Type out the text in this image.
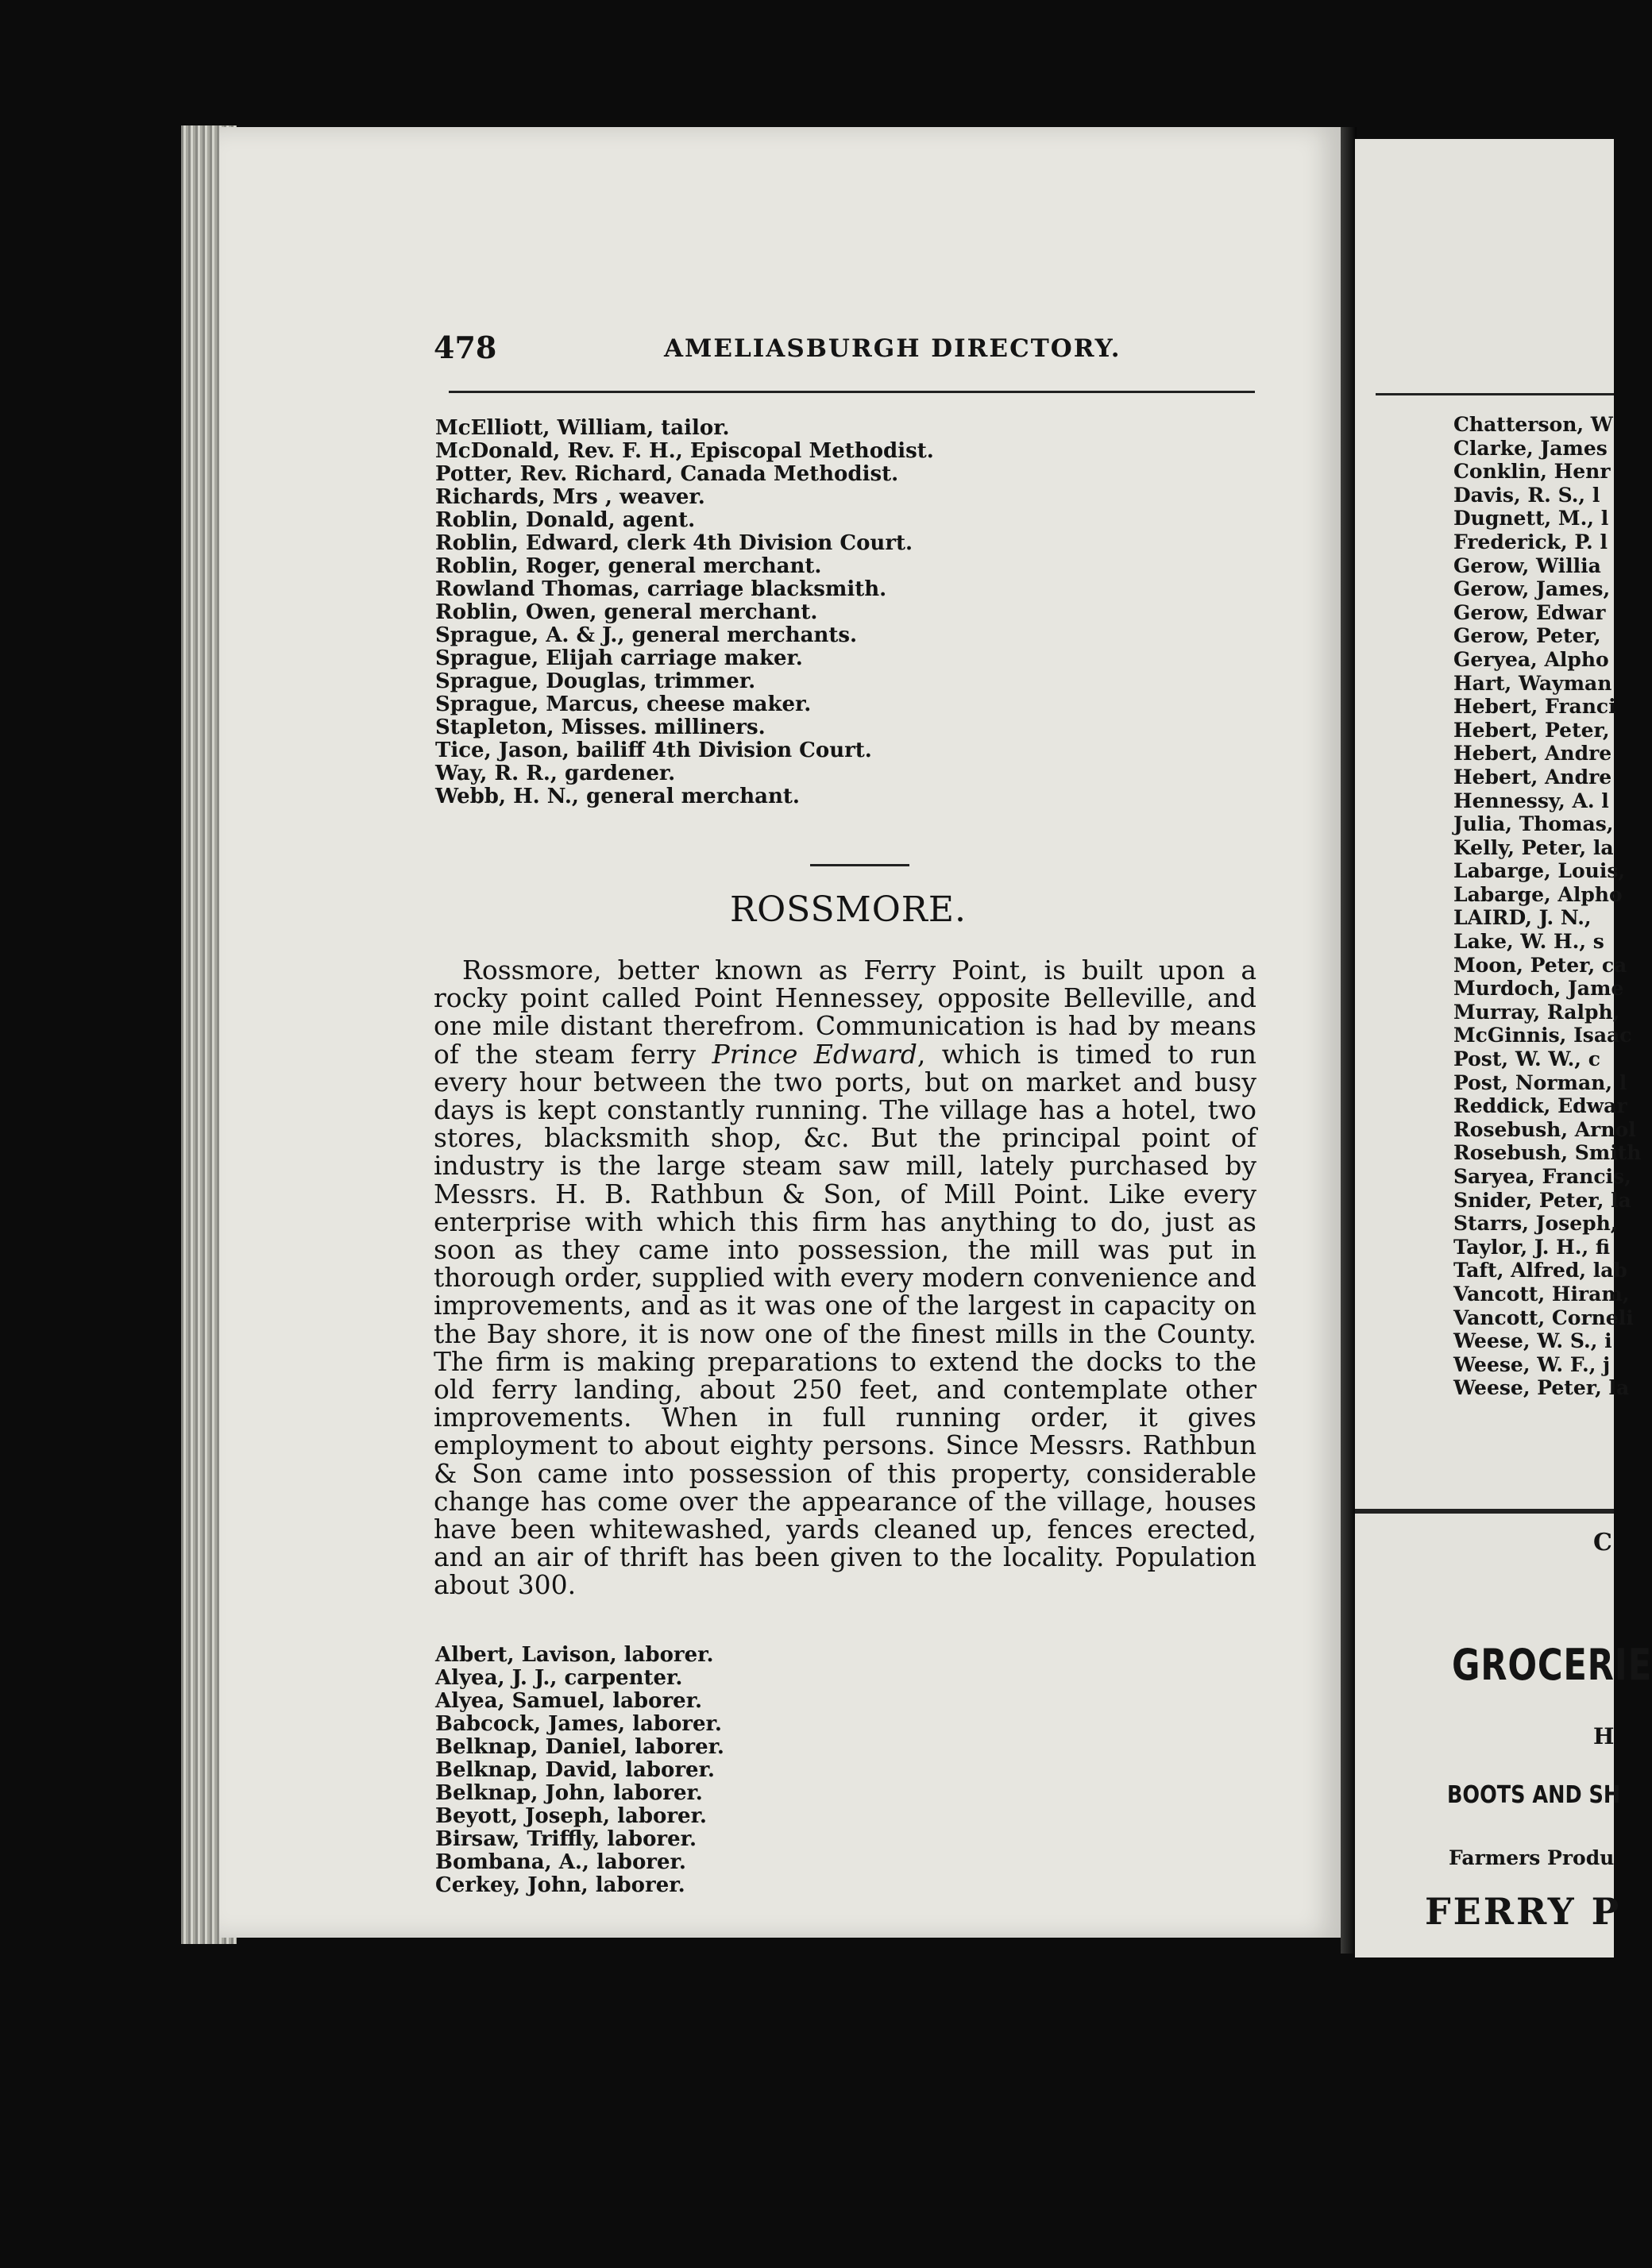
Chatterson, W
Clarke, James
Conklin, Henr
Davis, R. S., l
Dugnett, M., l
Frederick, P. l
Gerow, Willia
Gerow, James,
Gerow, Edwar
Gerow, Peter,
Geryea, Alpho
Hart, Wayman
Hebert, Franci
Hebert, Peter,
Hebert, Andre
Hebert, Andre
Hennessy, A. l
Julia, Thomas,
Kelly, Peter, la
Labarge, Louis,
Labarge, Alpho
LAIRD, J. N.,
Lake, W. H., s
Moon, Peter, ca
Murdoch, Jame
Murray, Ralph,
McGinnis, Isaac
Post, W. W., c
Post, Norman, l
Reddick, Edwar
Rosebush, Arnol
Rosebush, Smith
Saryea, Francis,
Snider, Peter, la
Starrs, Joseph,
Taylor, J. H., fi
Taft, Alfred, lab
Vancott, Hiram,
Vancott, Corneli
Weese, W. S., i
Weese, W. F., j
Weese, Peter, la
C
GROCERIE
H
BOOTS AND SH
Farmers Produ
FERRY P
478	AMELIASBURGH DIRECTORY.
McElliott, William, tailor.
McDonald, Rev. F. H., Episcopal Methodist.
Potter, Rev. Richard, Canada Methodist.
Richards, Mrs , weaver.
Roblin, Donald, agent.
Roblin, Edward, clerk 4th Division Court.
Roblin, Roger, general merchant.
Rowland Thomas, carriage blacksmith.
Roblin, Owen, general merchant.
Sprague, A. & J., general merchants.
Sprague, Elijah carriage maker.
Sprague, Douglas, trimmer.
Sprague, Marcus, cheese maker.
Stapleton, Misses. milliners.
Tice, Jason, bailiff 4th Division Court.
Way, R. R., gardener.
Webb, H. N., general merchant.
ROSSMORE.
Rossmore, better known as Ferry Point, is built upon a rocky point called Point Hennessey, opposite Belleville, and one mile distant therefrom. Communication is had by means of the steam ferry Prince Edward, which is timed to run every hour between the two ports, but on market and busy days is kept constantly running. The village has a hotel, two stores, blacksmith shop, &c. But the principal point of industry is the large steam saw mill, lately purchased by Messrs. H. B. Rathbun & Son, of Mill Point. Like every enterprise with which this firm has anything to do, just as soon as they came into possession, the mill was put in thorough order, supplied with every modern convenience and improvements, and as it was one of the largest in capacity on the Bay shore, it is now one of the finest mills in the County. The firm is making preparations to extend the docks to the old ferry landing, about 250 feet, and contemplate other improvements. When in full running order, it gives employment to about eighty persons. Since Messrs. Rathbun & Son came into possession of this property, considerable change has come over the appearance of the village, houses have been whitewashed, yards cleaned up, fences erected, and an air of thrift has been given to the locality. Population about 300.
Albert, Lavison, laborer.
Alyea, J. J., carpenter.
Alyea, Samuel, laborer.
Babcock, James, laborer.
Belknap, Daniel, laborer.
Belknap, David, laborer.
Belknap, John, laborer.
Beyott, Joseph, laborer.
Birsaw, Triffly, laborer.
Bombana, A., laborer.
Cerkey, John, laborer.
